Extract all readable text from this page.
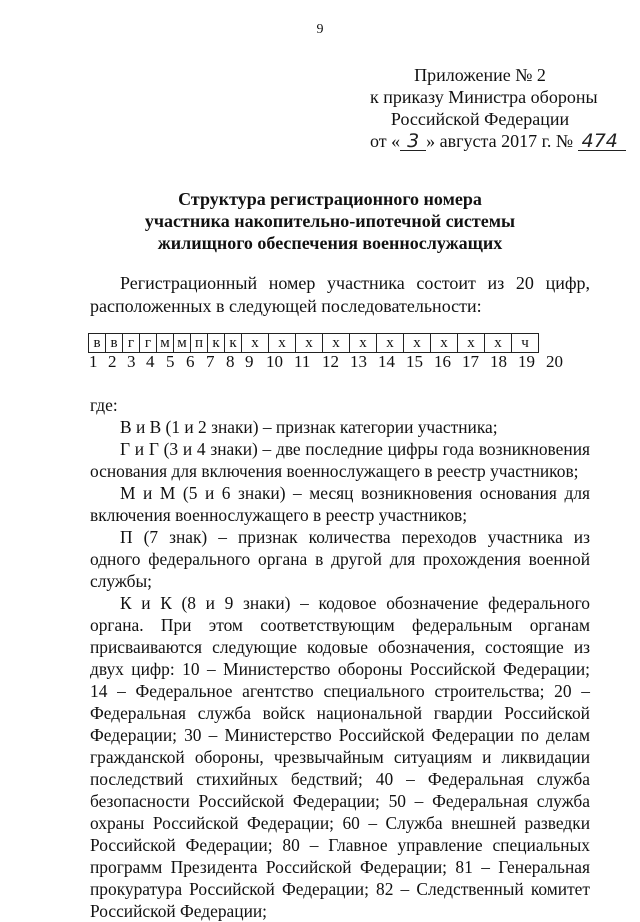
9
Приложение № 2
к приказу Министра обороны
Российской Федерации
от « 3 » августа 2017 г. № 474
Структура регистрационного номера
участника накопительно-ипотечной системы
жилищного обеспечения военнослужащих
Регистрационный номер участника состоит из 20 цифр, расположенных в следующей последовательности:
в	в	г	г	м	м	п	к	к	х	х	х	х	х	х	х	х	х	х	ч
1 2 3 4 5 6 7 8 9 10 11 12 13 14 15 16 17 18 19 20

где:

В и В (1 и 2 знаки) – признак категории участника;

Г и Г (3 и 4 знаки) – две последние цифры года возникновения основания для включения военнослужащего в реестр участников;

М и М (5 и 6 знаки) – месяц возникновения основания для включения военнослужащего в реестр участников;

П (7 знак) – признак количества переходов участника из одного федерального органа в другой для прохождения военной службы;

К и К (8 и 9 знаки) – кодовое обозначение федерального органа. При этом соответствующим федеральным органам присваиваются следующие кодовые обозначения, состоящие из двух цифр: 10 – Министерство обороны Российской Федерации; 14 – Федеральное агентство специального строительства; 20 – Федеральная служба войск национальной гвардии Российской Федерации; 30 – Министерство Российской Федерации по делам гражданской обороны, чрезвычайным ситуациям и ликвидации последствий стихийных бедствий; 40 – Федеральная служба безопасности Российской Федерации; 50 – Федеральная служба охраны Российской Федерации; 60 – Служба внешней разведки Российской Федерации; 80 – Главное управление специальных программ Президента Российской Федерации; 81 – Генеральная прокуратура Российской Федерации; 82 – Следственный комитет Российской Федерации;
